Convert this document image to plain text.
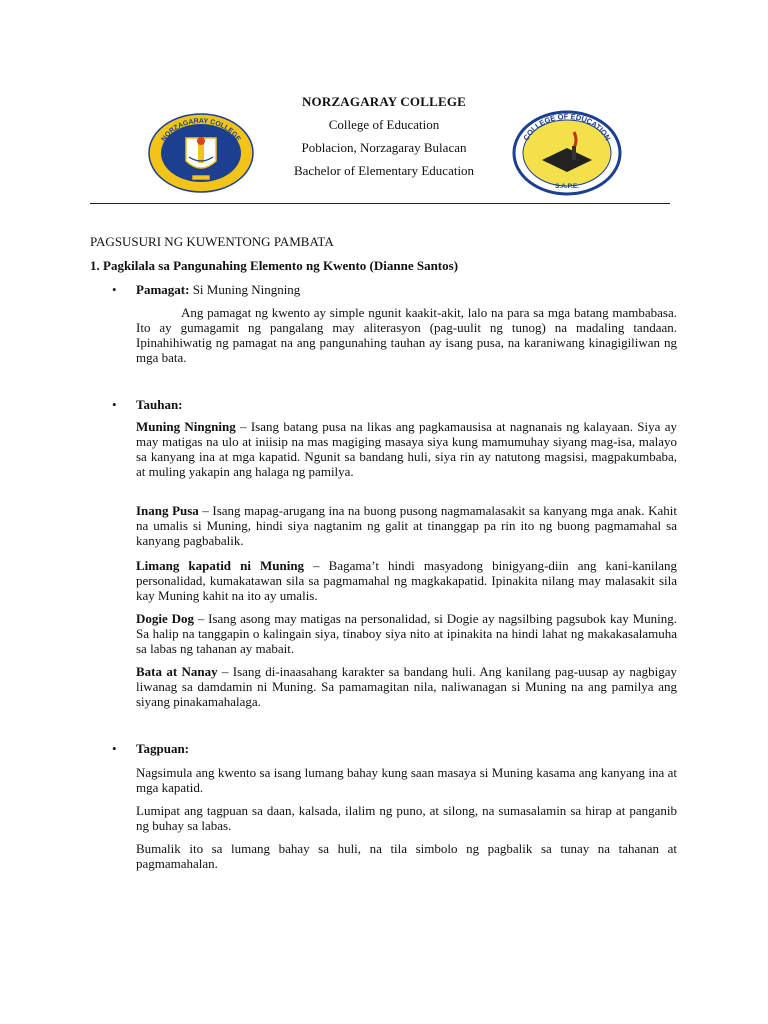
NORZAGARAY COLLEGE
College of Education
Poblacion, Norzagaray Bulacan
Bachelor of Elementary Education
NORZAGARAY COLLEGE	COLLEGE OF EDUCATION
S.A.P.E.
PAGSUSURI NG KUWENTONG PAMBATA
1. Pagkilala sa Pangunahing Elemento ng Kwento (Dianne Santos)
• Pamagat: Si Muning Ningning
Ang pamagat ng kwento ay simple ngunit kaakit-akit, lalo na para sa mga batang mambabasa. Ito ay gumagamit ng pangalang may aliterasyon (pag-uulit ng tunog) na madaling tandaan. Ipinahihiwatig ng pamagat na ang pangunahing tauhan ay isang pusa, na karaniwang kinagigiliwan ng mga bata.
• Tauhan:
Muning Ningning – Isang batang pusa na likas ang pagkamausisa at nagnanais ng kalayaan. Siya ay may matigas na ulo at iniisip na mas magiging masaya siya kung mamumuhay siyang mag-isa, malayo sa kanyang ina at mga kapatid. Ngunit sa bandang huli, siya rin ay natutong magsisi, magpakumbaba, at muling yakapin ang halaga ng pamilya.
Inang Pusa – Isang mapag-arugang ina na buong pusong nagmamalasakit sa kanyang mga anak. Kahit na umalis si Muning, hindi siya nagtanim ng galit at tinanggap pa rin ito ng buong pagmamahal sa kanyang pagbabalik.
Limang kapatid ni Muning – Bagama’t hindi masyadong binigyang-diin ang kani-kanilang personalidad, kumakatawan sila sa pagmamahal ng magkakapatid. Ipinakita nilang may malasakit sila kay Muning kahit na ito ay umalis.
Dogie Dog – Isang asong may matigas na personalidad, si Dogie ay nagsilbing pagsubok kay Muning. Sa halip na tanggapin o kalingain siya, tinaboy siya nito at ipinakita na hindi lahat ng makakasalamuha sa labas ng tahanan ay mabait.
Bata at Nanay – Isang di-inaasahang karakter sa bandang huli. Ang kanilang pag-uusap ay nagbigay liwanag sa damdamin ni Muning. Sa pamamagitan nila, naliwanagan si Muning na ang pamilya ang siyang pinakamahalaga.
• Tagpuan:
Nagsimula ang kwento sa isang lumang bahay kung saan masaya si Muning kasama ang kanyang ina at mga kapatid.
Lumipat ang tagpuan sa daan, kalsada, ilalim ng puno, at silong, na sumasalamin sa hirap at panganib ng buhay sa labas.
Bumalik ito sa lumang bahay sa huli, na tila simbolo ng pagbalik sa tunay na tahanan at pagmamahalan.
